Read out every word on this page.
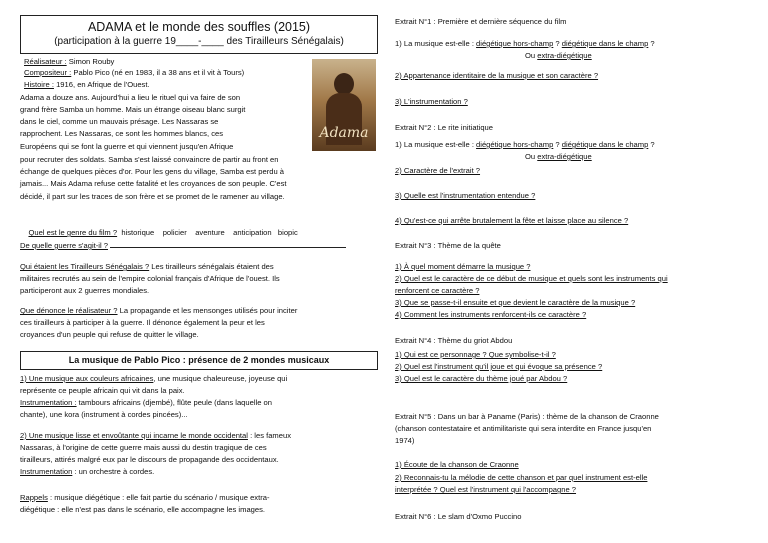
ADAMA et le monde des souffles (2015)
(participation à la guerre 19____-____ des Tirailleurs Sénégalais)
Adama
Réalisateur : Simon Rouby
Compositeur : Pablo Pico (né en 1983, il a 38 ans et il vit à Tours)
Histoire : 1916, en Afrique de l'Ouest.
Adama a douze ans. Aujourd'hui a lieu le rituel qui va faire de son
grand frère Samba un homme. Mais un étrange oiseau blanc surgit
dans le ciel, comme un mauvais présage. Les Nassaras se
rapprochent. Les Nassaras, ce sont les hommes blancs, ces
Européens qui se font la guerre et qui viennent jusqu'en Afrique
pour recruter des soldats. Samba s'est laissé convaincre de partir au front en
échange de quelques pièces d'or. Pour les gens du village, Samba est perdu à
jamais... Mais Adama refuse cette fatalité et les croyances de son peuple. C'est
décidé, il part sur les traces de son frère et se promet de le ramener au village.

Quel est le genre du film ?  historique    policier    aventure    anticipation   biopic

De quelle guerre s'agit-il ?
Qui étaient les Tirailleurs Sénégalais ? Les tirailleurs sénégalais étaient des
militaires recrutés au sein de l'empire colonial français d'Afrique de l'ouest. Ils
participeront aux 2 guerres mondiales.
Que dénonce le réalisateur ? La propagande et les mensonges utilisés pour inciter
ces tirailleurs à participer à la guerre. Il dénonce également la peur et les
croyances d'un peuple qui refuse de quitter le village.
1) Une musique aux couleurs africaines, une musique chaleureuse, joyeuse qui
représente ce peuple africain qui vit dans la paix.
Instrumentation : tambours africains (djembé), flûte peule (dans laquelle on
chante), une kora (instrument à cordes pincées)...
2) Une musique lisse et envoûtante qui incarne le monde occidental : les fameux
Nassaras, à l'origine de cette guerre mais aussi du destin tragique de ces
tirailleurs, attirés malgré eux par le discours de propagande des occidentaux.
Instrumentation : un orchestre à cordes.
Rappels : musique diégétique : elle fait partie du scénario / musique extra-
diégétique : elle n'est pas dans le scénario, elle accompagne les images.
La musique de Pablo Pico : présence de 2 mondes musicaux
Extrait N°1 : Première et dernière séquence du film
1) La musique est-elle : diégétique hors-champ ? diégétique dans le champ ?
Ou extra-diégétique
2) Appartenance identitaire de la musique et son caractère ?
3) L'instrumentation ?
Extrait N°2 : Le rite initiatique
1) La musique est-elle : diégétique hors-champ ? diégétique dans le champ ?
Ou extra-diégétique
2) Caractère de l'extrait ?
3) Quelle est l'instrumentation entendue ?
4) Qu'est-ce qui arrête brutalement la fête et laisse place au silence ?
Extrait N°3 : Thème de la quête
1) À quel moment démarre la musique ?
2) Quel est le caractère de ce début de musique et quels sont les instruments qui
renforcent ce caractère ?
3) Que se passe-t-il ensuite et que devient le caractère de la musique ?
4) Comment les instruments renforcent-ils ce caractère ?
Extrait N°4 : Thème du griot Abdou
1) Qui est ce personnage ? Que symbolise-t-il ?
2) Quel est l'instrument qu'il joue et qui évoque sa présence ?
3) Quel est le caractère du thème joué par Abdou ?
Extrait N°5 : Dans un bar à Paname (Paris) : thème de la chanson de Craonne
(chanson contestataire et antimilitariste qui sera interdite en France jusqu'en
1974)
1) Écoute de la chanson de Craonne
2) Reconnais-tu la mélodie de cette chanson et par quel instrument est-elle
interprétée ? Quel est l'instrument qui l'accompagne ?
Extrait N°6 : Le slam d'Oxmo Puccino
